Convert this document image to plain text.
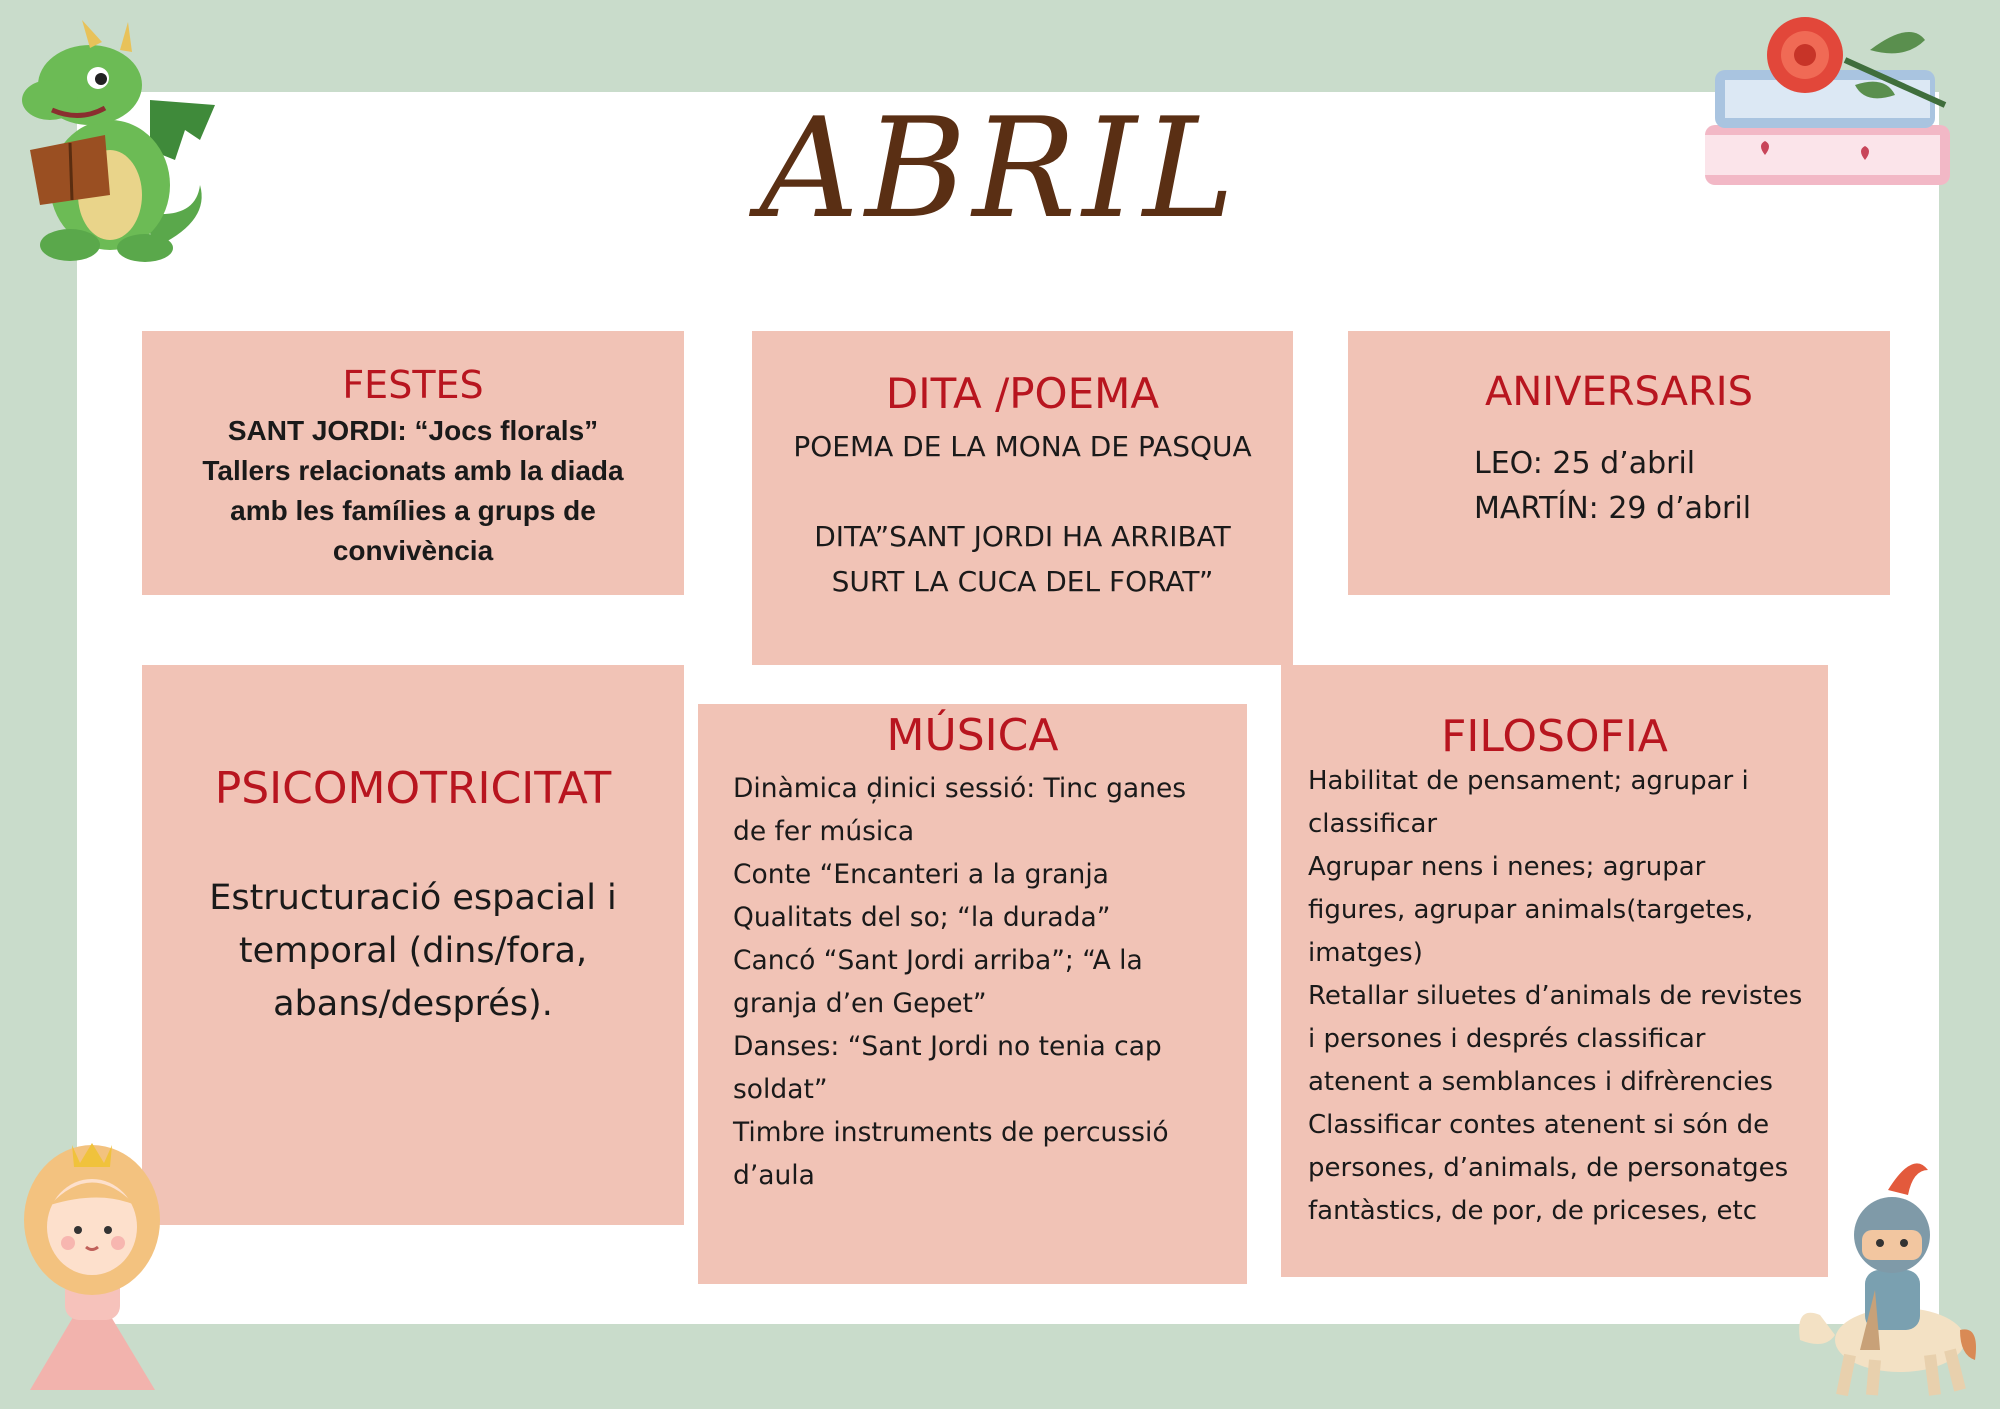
ABRIL
FESTES

SANT JORDI: “Jocs florals”

Tallers relacionats amb la diada

amb les famílies a grups de

convivència

DITA /POEMA

POEMA DE LA MONA DE PASQUA

DITA”SANT JORDI HA ARRIBAT

SURT LA CUCA DEL FORAT”

ANIVERSARIS

LEO: 25 d’abril

MARTÍN: 29 d’abril

PSICOMOTRICITAT

Estructuració espacial i

temporal (dins/fora,

abans/després).

MÚSICA

Dinàmica d̦inici sessió: Tinc ganes

de fer música

Conte “Encanteri a la granja

Qualitats del so; “la durada”

Cancó “Sant Jordi arriba”; “A la

granja d’en Gepet”

Danses: “Sant Jordi no tenia cap

soldat”

Timbre instruments de percussió

d’aula

FILOSOFIA

Habilitat de pensament; agrupar i

classificar

Agrupar nens i nenes; agrupar

figures, agrupar animals(targetes,

imatges)

Retallar siluetes d’animals de revistes

i persones i després classificar

atenent a semblances i difrèrencies

Classificar contes atenent si són de

persones, d’animals, de personatges

fantàstics, de por, de priceses, etc
